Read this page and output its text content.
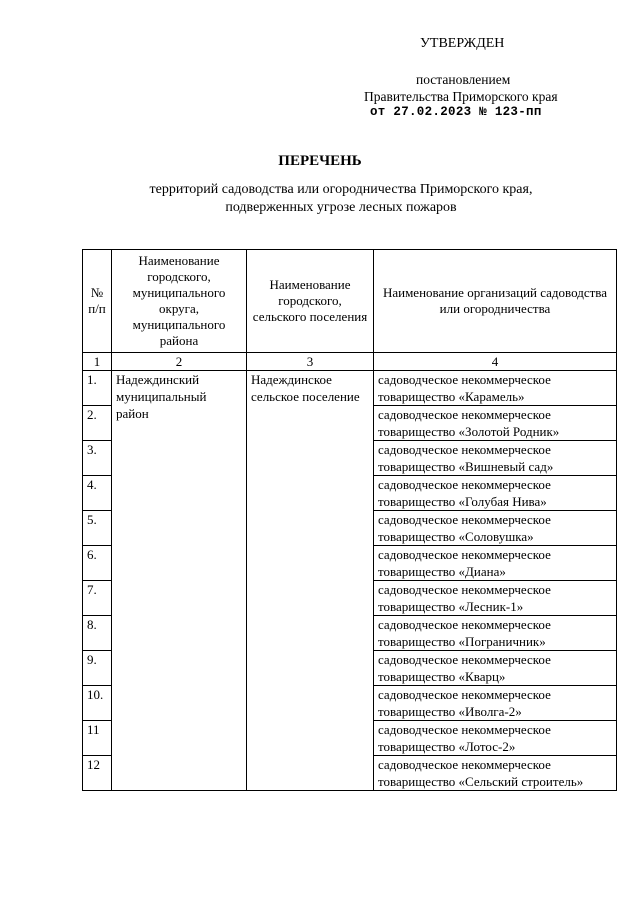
УТВЕРЖДЕН
постановлением
Правительства Приморского края
от 27.02.2023 № 123-пп
ПЕРЕЧЕНЬ
территорий садоводства или огородничества Приморского края,
подверженных угрозе лесных пожаров
№ п/п	Наименование городского, муниципального округа, муниципального района	Наименование городского, сельского поселения	Наименование организаций садоводства или огородничества
1	2	3	4
1.	Надеждинский муниципальный район	Надеждинское сельское поселение	садоводческое некоммерческое товарищество «Карамель»
2.			садоводческое некоммерческое товарищество «Золотой Родник»
3.			садоводческое некоммерческое товарищество «Вишневый сад»
4.			садоводческое некоммерческое товарищество «Голубая Нива»
5.			садоводческое некоммерческое товарищество «Соловушка»
6.			садоводческое некоммерческое товарищество «Диана»
7.			садоводческое некоммерческое товарищество «Лесник-1»
8.			садоводческое некоммерческое товарищество «Пограничник»
9.			садоводческое некоммерческое товарищество «Кварц»
10.			садоводческое некоммерческое товарищество «Иволга-2»
11			садоводческое некоммерческое товарищество «Лотос-2»
12			садоводческое некоммерческое товарищество «Сельский строитель»
